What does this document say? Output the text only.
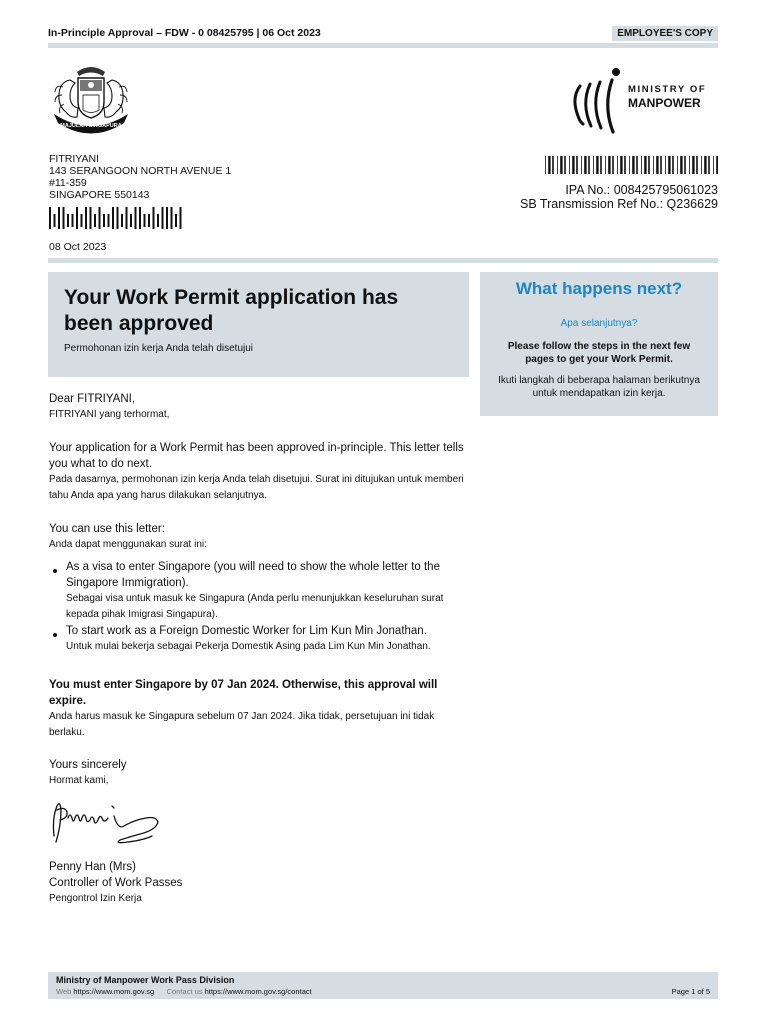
In-Principle Approval – FDW - 0 08425795 | 06 Oct 2023	EMPLOYEE'S COPY
MAJULAH SINGAPURA
MINISTRY OF
MANPOWER
FITRIYANI
143 SERANGOON NORTH AVENUE 1
#11-359
SINGAPORE 550143	IPA No.: 008425795061023
SB Transmission Ref No.: Q236629
08 Oct 2023
Your Work Permit application has been approved
Permohonan izin kerja Anda telah disetujui
What happens next?
Apa selanjutnya?
Please follow the steps in the next few pages to get your Work Permit.
Ikuti langkah di beberapa halaman berikutnya untuk mendapatkan izin kerja.
Dear FITRIYANI,
FITRIYANI yang terhormat,
Your application for a Work Permit has been approved in-principle. This letter tells you what to do next.
Pada dasarnya, permohonan izin kerja Anda telah disetujui. Surat ini ditujukan untuk memberi tahu Anda apa yang harus dilakukan selanjutnya.
You can use this letter:
Anda dapat menggunakan surat ini:
As a visa to enter Singapore (you will need to show the whole letter to the Singapore Immigration).
Sebagai visa untuk masuk ke Singapura (Anda perlu menunjukkan keseluruhan surat kepada pihak Imigrasi Singapura).
To start work as a Foreign Domestic Worker for Lim Kun Min Jonathan.
Untuk mulai bekerja sebagai Pekerja Domestik Asing pada Lim Kun Min Jonathan.
You must enter Singapore by 07 Jan 2024. Otherwise, this approval will expire.
Anda harus masuk ke Singapura sebelum 07 Jan 2024. Jika tidak, persetujuan ini tidak berlaku.
Yours sincerely
Hormat kami,
Penny Han (Mrs)
Controller of Work Passes
Pengontrol Izin Kerja
Ministry of Manpower Work Pass Division
Web https://www.mom.gov.sg Contact us https://www.mom.gov.sg/contact	Page 1 of 5
